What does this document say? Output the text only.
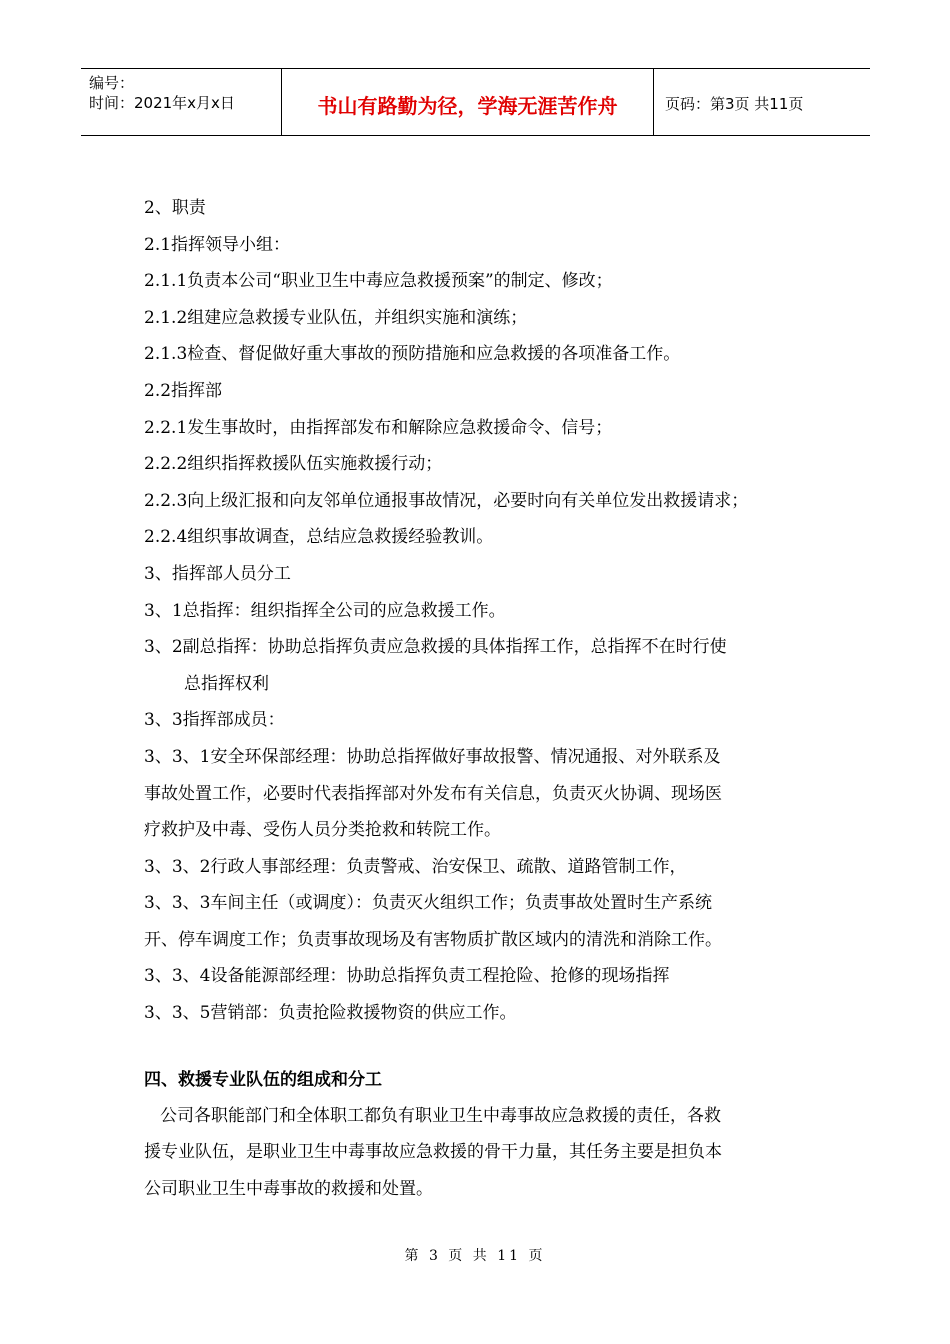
编号：
时间：2021年x月x日	书山有路勤为径，学海无涯苦作舟	页码：第3页 共11页
2、职责
2.1指挥领导小组：
2.1.1负责本公司“职业卫生中毒应急救援预案”的制定、修改；
2.1.2组建应急救援专业队伍，并组织实施和演练；
2.1.3检查、督促做好重大事故的预防措施和应急救援的各项准备工作。
2.2指挥部
2.2.1发生事故时，由指挥部发布和解除应急救援命令、信号；
2.2.2组织指挥救援队伍实施救援行动；
2.2.3向上级汇报和向友邻单位通报事故情况，必要时向有关单位发出救援请求；
2.2.4组织事故调查，总结应急救援经验教训。
3、指挥部人员分工
3、1总指挥：组织指挥全公司的应急救援工作。
3、2副总指挥：协助总指挥负责应急救援的具体指挥工作，总指挥不在时行使
总指挥权利
3、3指挥部成员：
3、3、1安全环保部经理：协助总指挥做好事故报警、情况通报、对外联系及
事故处置工作，必要时代表指挥部对外发布有关信息，负责灭火协调、现场医
疗救护及中毒、受伤人员分类抢救和转院工作。
3、3、2行政人事部经理：负责警戒、治安保卫、疏散、道路管制工作，
3、3、3车间主任（或调度）：负责灭火组织工作；负责事故处置时生产系统
开、停车调度工作；负责事故现场及有害物质扩散区域内的清洗和消除工作。
3、3、4设备能源部经理：协助总指挥负责工程抢险、抢修的现场指挥
3、3、5营销部：负责抢险救援物资的供应工作。
四、救援专业队伍的组成和分工
公司各职能部门和全体职工都负有职业卫生中毒事故应急救援的责任，各救
援专业队伍，是职业卫生中毒事故应急救援的骨干力量，其任务主要是担负本
公司职业卫生中毒事故的救援和处置。
第 3 页 共 11 页
